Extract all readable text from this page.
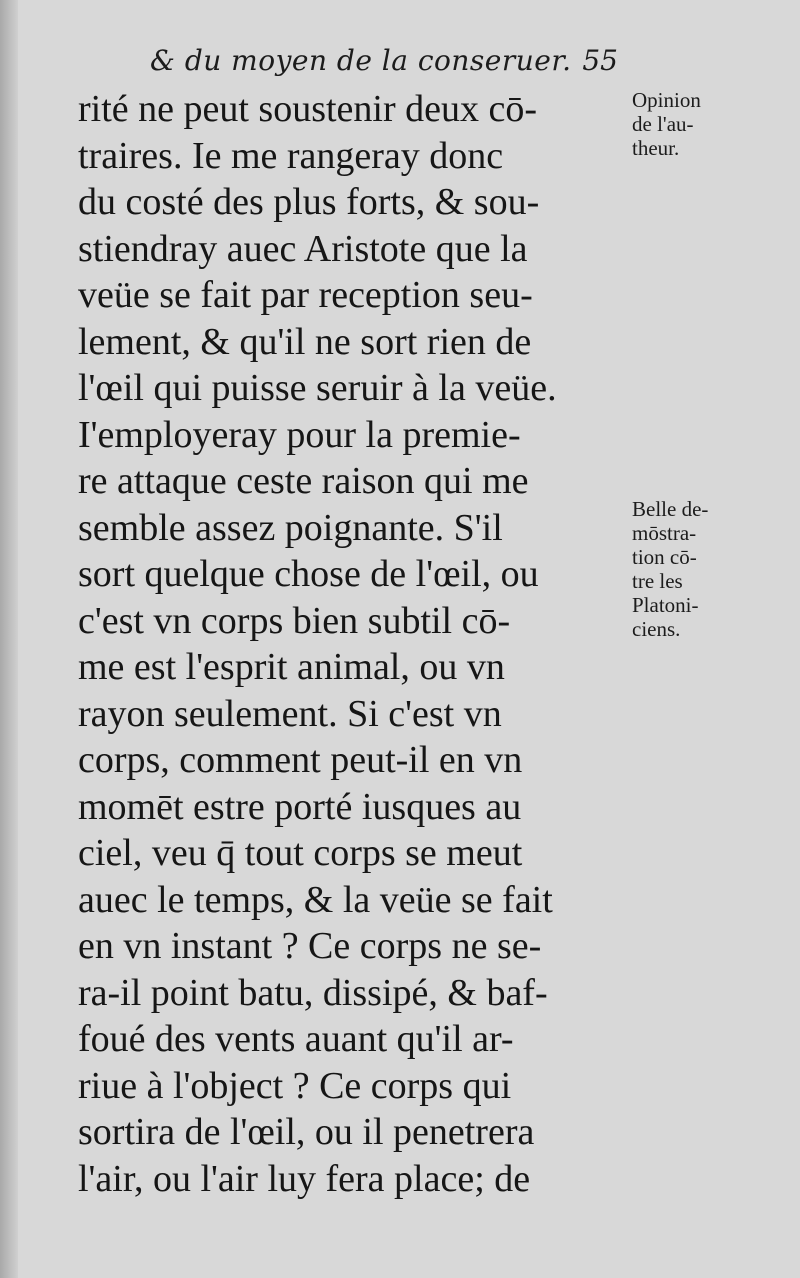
& du moyen de la conseruer. 55
rité ne peut soustenir deux cō-
traires. Ie me rangeray donc
du costé des plus forts, & sou-
stiendray auec Aristote que la
veüe se fait par reception seu-
lement, & qu'il ne sort rien de
l'œil qui puisse seruir à la veüe.
I'employeray pour la premie-
re attaque ceste raison qui me
semble assez poignante. S'il
sort quelque chose de l'œil, ou
c'est vn corps bien subtil cō-
me est l'esprit animal, ou vn
rayon seulement. Si c'est vn
corps, comment peut-il en vn
momēt estre porté iusques au
ciel, veu q̄ tout corps se meut
auec le temps, & la veüe se fait
en vn instant ? Ce corps ne se-
ra-il point batu, dissipé, & baf-
foué des vents auant qu'il ar-
riue à l'object ? Ce corps qui
sortira de l'œil, ou il penetrera
l'air, ou l'air luy fera place; de
Opinion
de l'au-
theur.
Belle de-
mōstra-
tion cō-
tre les
Platoni-
ciens.
